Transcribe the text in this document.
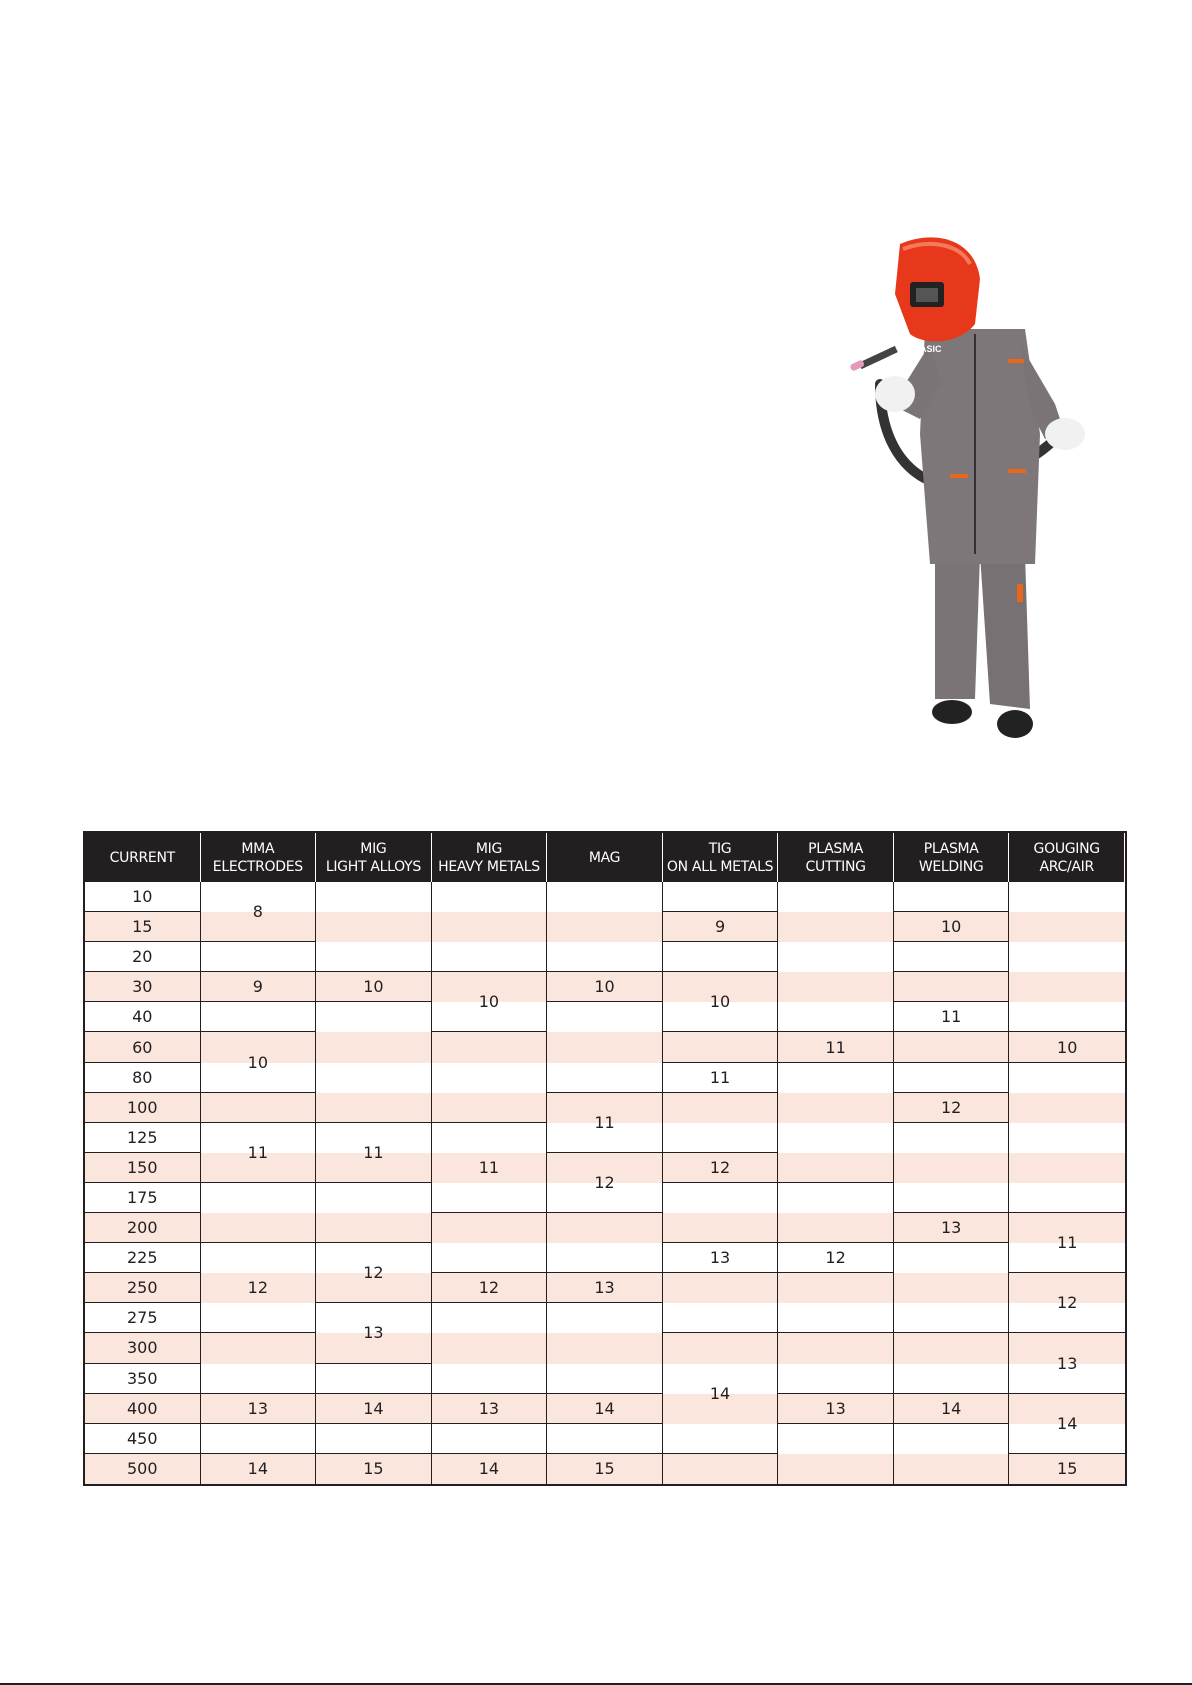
JASIC
CURRENT
MMA
ELECTRODES
MIG
LIGHT ALLOYS
MIG
HEAVY METALS
MAG
TIG
ON ALL METALS
PLASMA
CUTTING
PLASMA
WELDING
GOUGING
ARC/AIR
10
15
20
30
40
60
80
100
125
150
175
200
225
250
275
300
350
400
450
500
8
9
10
11
12
13
14
10
11
12
13
14
15
10
11
12
13
14
10
11
12
13
14
15
9
10
11
12
13
14
11
12
13
10
11
12
13
14
10
11
12
13
14
15
